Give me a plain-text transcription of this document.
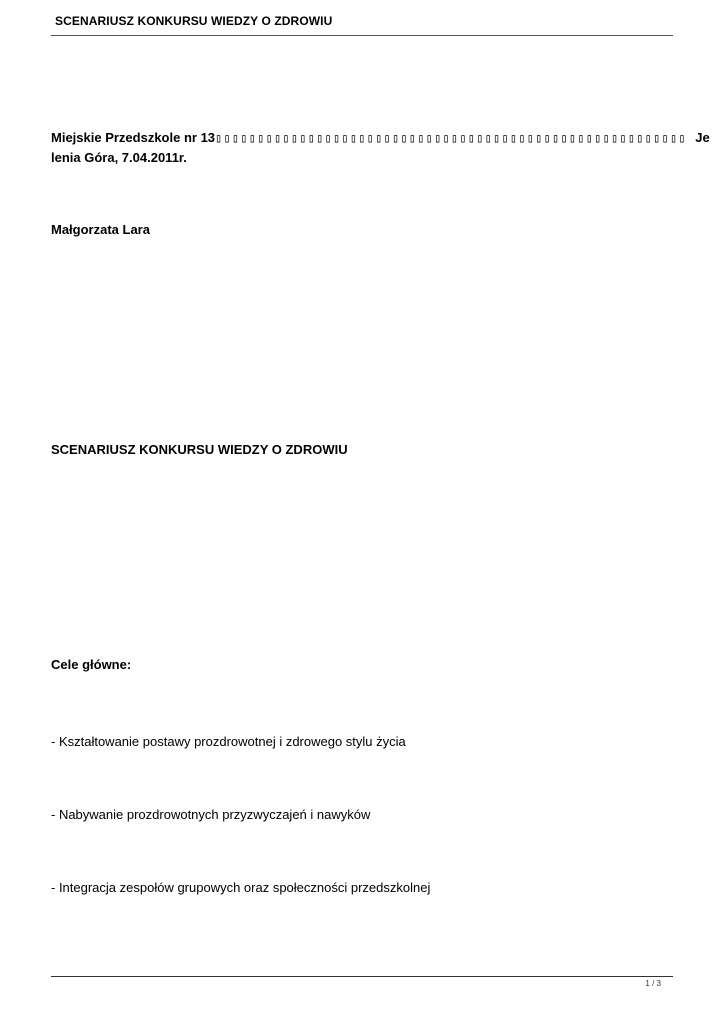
SCENARIUSZ KONKURSU WIEDZY O ZDROWIU
Miejskie Przedszkole nr 13▯▯▯▯▯▯▯▯▯▯▯▯▯▯▯▯▯▯▯▯▯▯▯▯▯▯▯▯▯▯▯▯▯▯▯▯▯▯▯▯▯▯▯▯▯▯▯▯▯▯▯▯▯▯▯▯ Jelenia Góra, 7.04.2011r.
Małgorzata Lara
SCENARIUSZ KONKURSU WIEDZY O ZDROWIU
Cele główne:
- Kształtowanie postawy prozdrowotnej i zdrowego stylu życia
- Nabywanie prozdrowotnych przyzwyczajeń i nawyków
- Integracja zespołów grupowych oraz społeczności przedszkolnej
1 / 3
